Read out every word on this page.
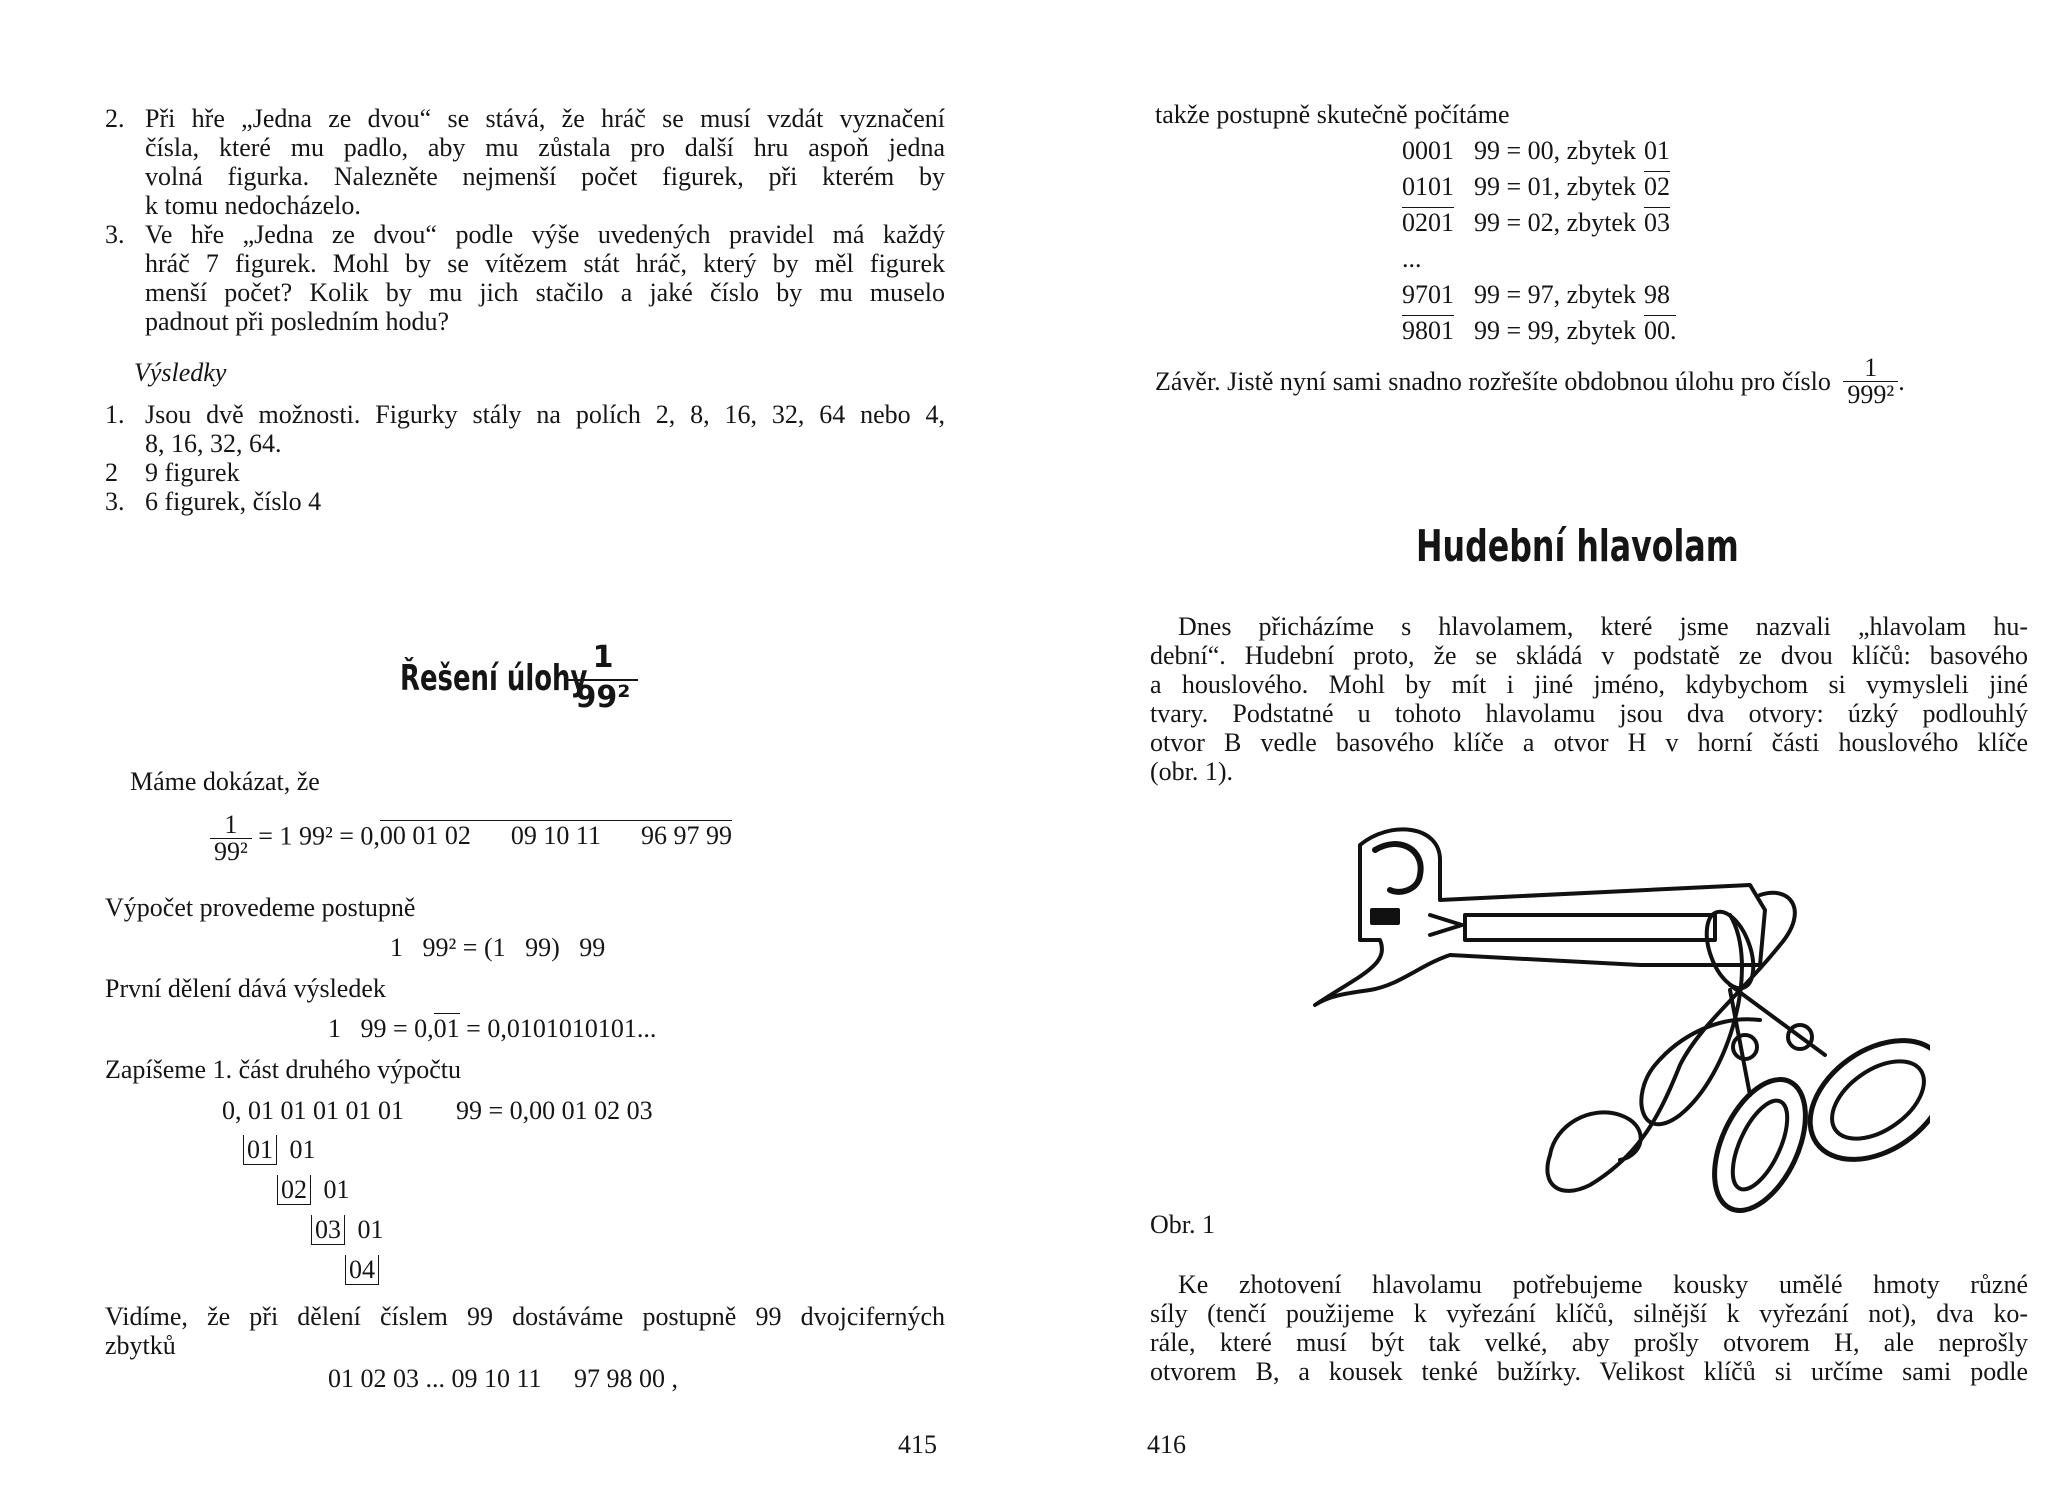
2. Při hře „Jedna ze dvou“ se stává, že hráč se musí vzdát vyznačení
čísla, které mu padlo, aby mu zůstala pro další hru aspoň jedna
volná figurka. Nalezněte nejmenší počet figurek, při kterém by
k tomu nedocházelo.
3. Ve hře „Jedna ze dvou“ podle výše uvedených pravidel má každý
hráč 7 figurek. Mohl by se vítězem stát hráč, který by měl figurek
menší počet? Kolik by mu jich stačilo a jaké číslo by mu muselo
padnout při posledním hodu?
Výsledky
1. Jsou dvě možnosti. Figurky stály na polích 2, 8, 16, 32, 64 nebo 4,
8, 16, 32, 64.
2 9 figurek
3. 6 figurek, číslo 4
Řešení úlohy
1
99²
Máme dokázat, že
$\frac{1}{\text{99²}} = 1$ 99² = 0,00 01 02 09 10 11 96 97 99
Výpočet provedeme postupně
1   99² = (1   99)   99
První dělení dává výsledek
1   99 = 0,01 = 0,0101010101...
Zapíšeme 1. část druhého výpočtu
0, 01 01 01 01 01        99 = 0,00 01 02 03
01 01
02 01
03 01
04
Vidíme, že při dělení číslem 99 dostáváme postupně 99 dvojciferných
zbytků
01 02 03 ... 09 10 11     97 98 00 ,
415
takže postupně skutečně počítáme
0001	99 = 00, zbytek	01
0101	99 = 01, zbytek	02
0201	99 = 02, zbytek	03
...		
9701	99 = 97, zbytek	98
9801	99 = 99, zbytek	00.
Závěr. Jistě nyní sami snadno rozřešíte obdobnou úlohu pro číslo $\frac{1}{\text{999²}}$ .
Hudební hlavolam
Dnes přicházíme s hlavolamem, které jsme nazvali „hlavolam hu-
dební“. Hudební proto, že se skládá v podstatě ze dvou klíčů: basového
a houslového. Mohl by mít i jiné jméno, kdybychom si vymysleli jiné
tvary. Podstatné u tohoto hlavolamu jsou dva otvory: úzký podlouhlý
otvor B vedle basového klíče a otvor H v horní části houslového klíče
(obr. 1).
Obr. 1
Ke zhotovení hlavolamu potřebujeme kousky umělé hmoty různé
síly (tenčí použijeme k vyřezání klíčů, silnější k vyřezání not), dva ko-
rále, které musí být tak velké, aby prošly otvorem H, ale neprošly
otvorem B, a kousek tenké bužírky. Velikost klíčů si určíme sami podle
416
